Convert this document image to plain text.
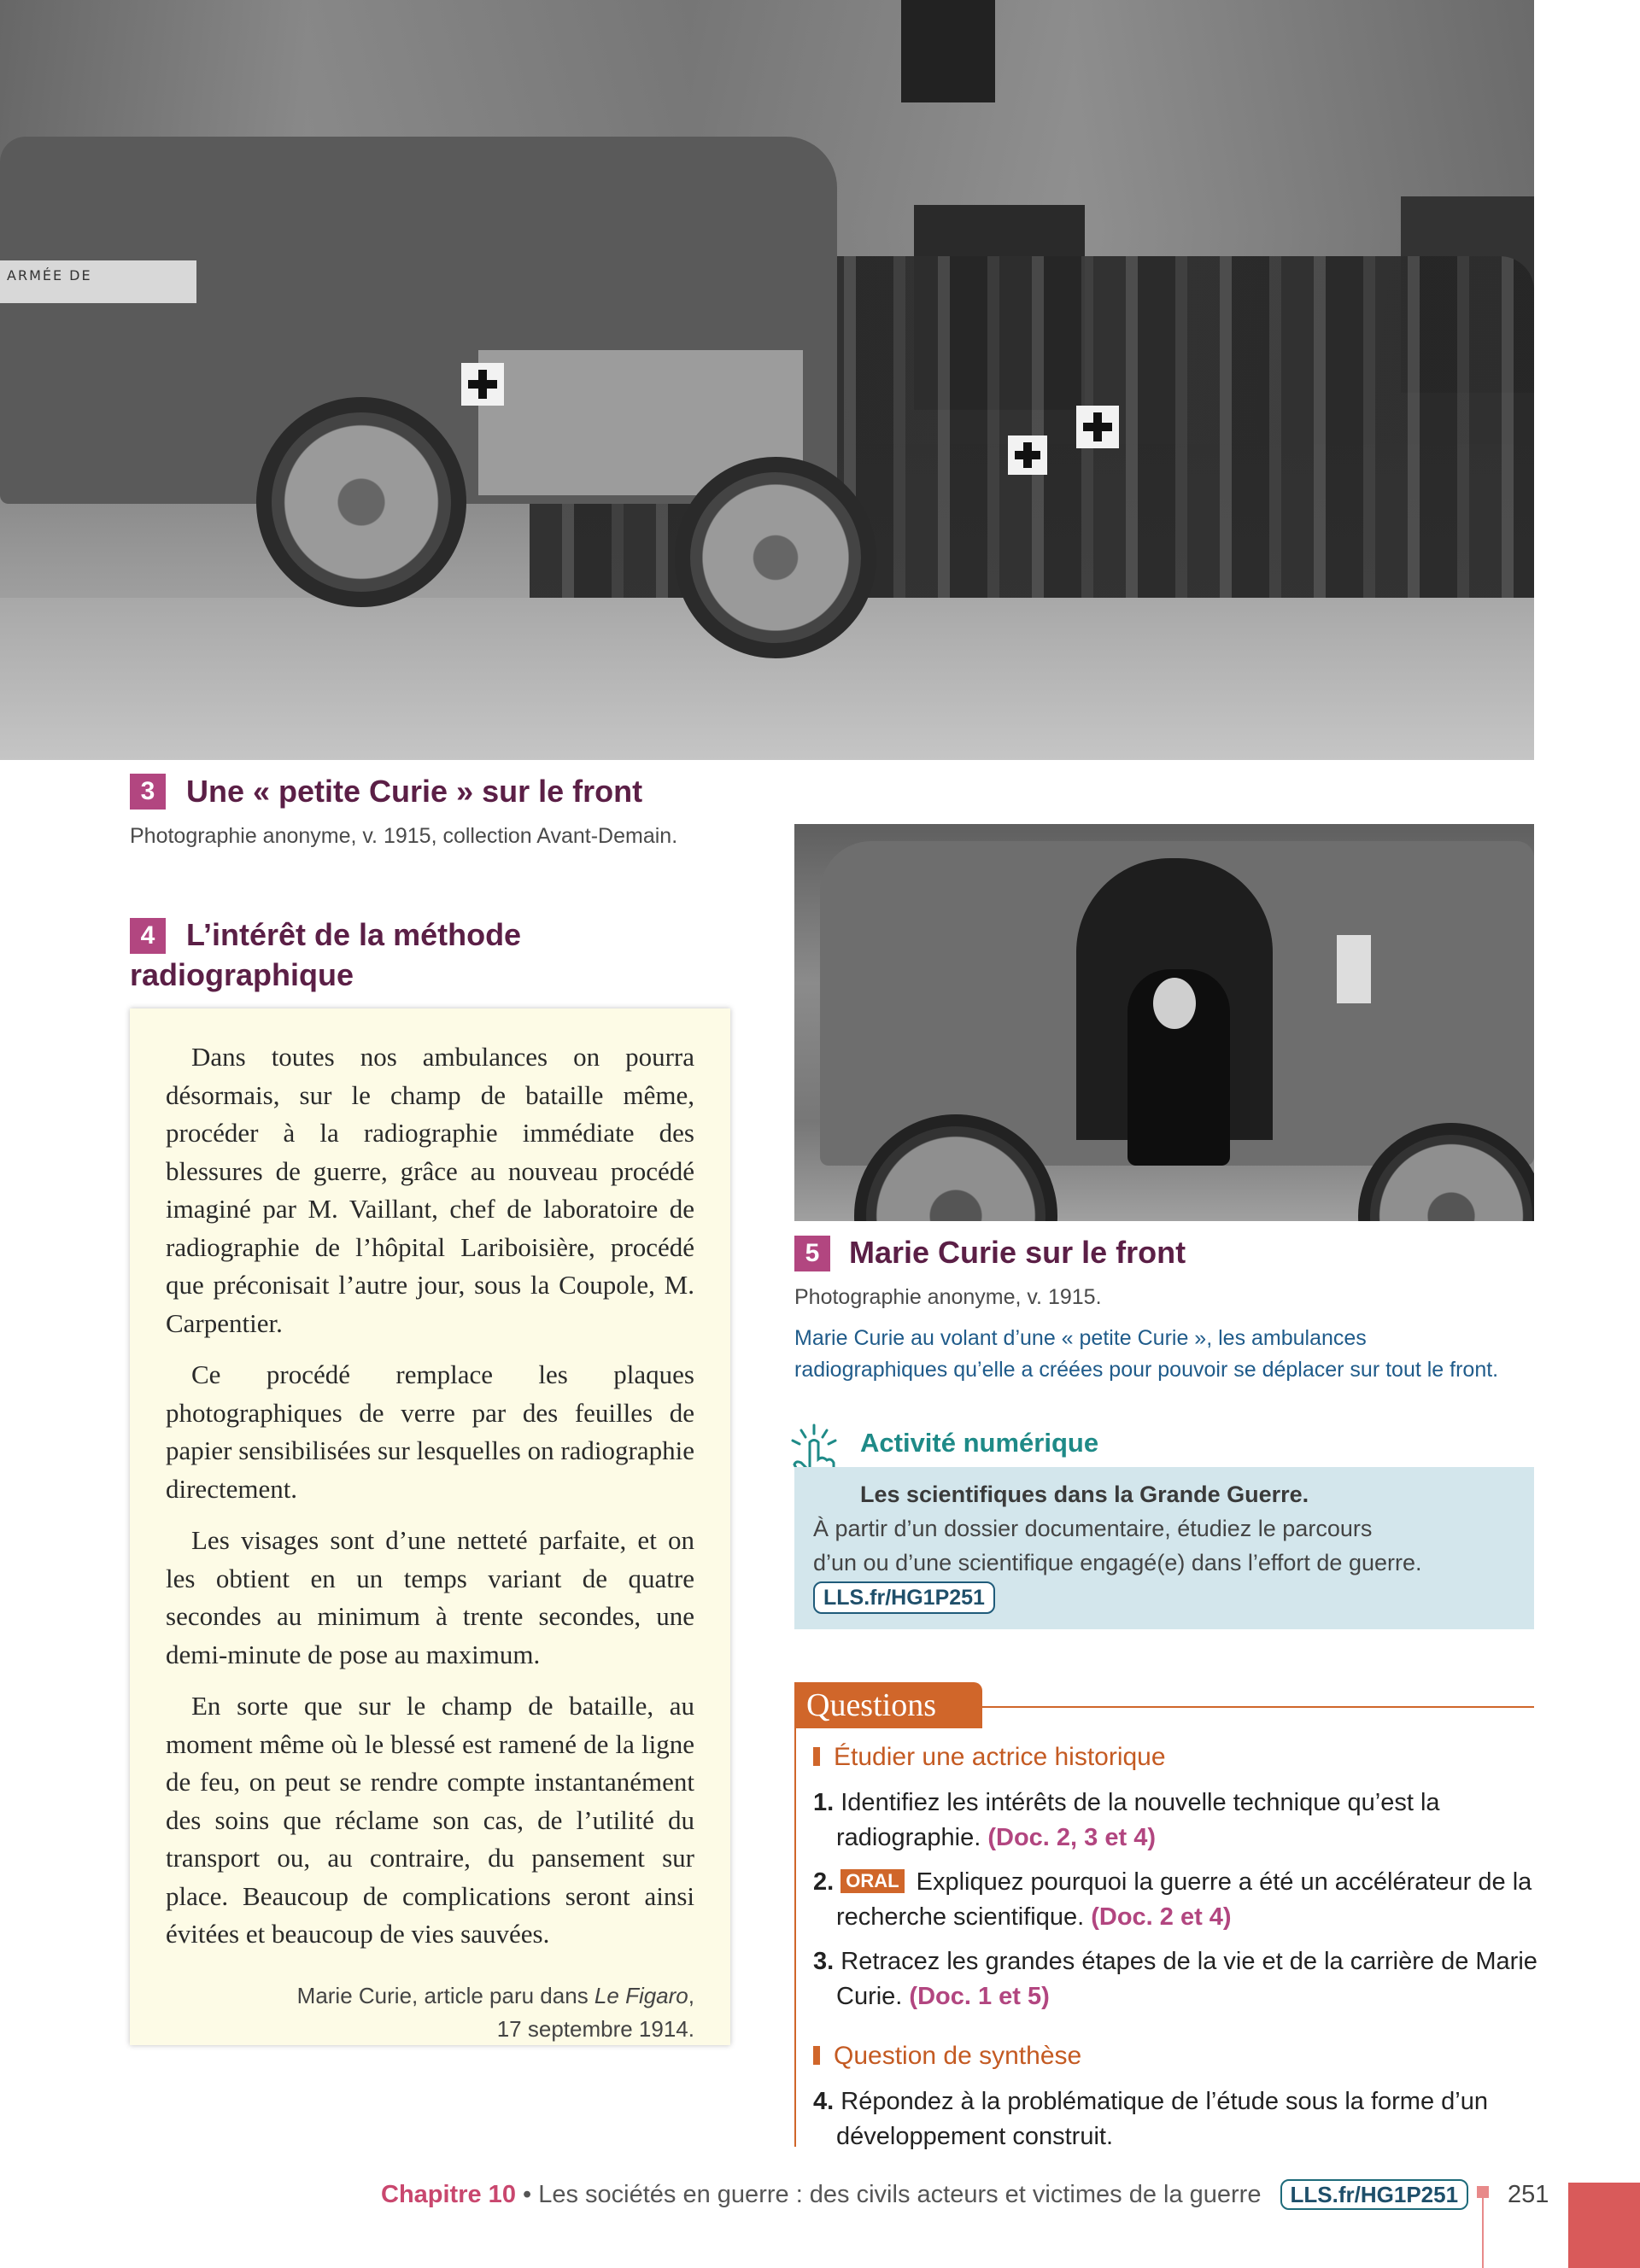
ARMÉE DE
3	Une « petite Curie » sur le front
Photographie anonyme, v. 1915, collection Avant-Demain.
4	L’intérêt de la méthode
radiographique

Dans toutes nos ambulances on pourra désormais, sur le champ de bataille même, procéder à la radiographie immédiate des blessures de guerre, grâce au nouveau procédé imaginé par M. Vaillant, chef de laboratoire de radiographie de l’hôpital Lariboisière, procédé que préconisait l’autre jour, sous la Coupole, M. Carpentier.

Ce procédé remplace les plaques photographiques de verre par des feuilles de papier sensibilisées sur lesquelles on radiographie directement.

Les visages sont d’une netteté parfaite, et on les obtient en un temps variant de quatre secondes au minimum à trente secondes, une demi-minute de pose au maximum.

En sorte que sur le champ de bataille, au moment même où le blessé est ramené de la ligne de feu, on peut se rendre compte instantanément des soins que réclame son cas, de l’utilité du transport ou, au contraire, du pansement sur place. Beaucoup de complications seront ainsi évitées et beaucoup de vies sauvées.

Marie Curie, article paru dans Le Figaro,
17 septembre 1914.

5 Marie Curie sur le front
Photographie anonyme, v. 1915.
Marie Curie au volant d’une « petite Curie », les ambulances
radiographiques qu’elle a créées pour pouvoir se déplacer sur tout le front.
Activité numérique
Les scientifiques dans la Grande Guerre.
À partir d’un dossier documentaire, étudiez le parcours
d’un ou d’une scientifique engagé(e) dans l’effort de guerre.
LLS.fr/HG1P251
Questions
Étudier une actrice historique
1. Identifiez les intérêts de la nouvelle technique qu’est la
radiographie. (Doc. 2, 3 et 4)
2. ORAL Expliquez pourquoi la guerre a été un accélérateur de la
recherche scientifique. (Doc. 2 et 4)
3. Retracez les grandes étapes de la vie et de la carrière de Marie
Curie. (Doc. 1 et 5)
Question de synthèse
4. Répondez à la problématique de l’étude sous la forme d’un
développement construit.
Chapitre 10 • Les sociétés en guerre : des civils acteurs et victimes de la guerre LLS.fr/HG1P251	251
